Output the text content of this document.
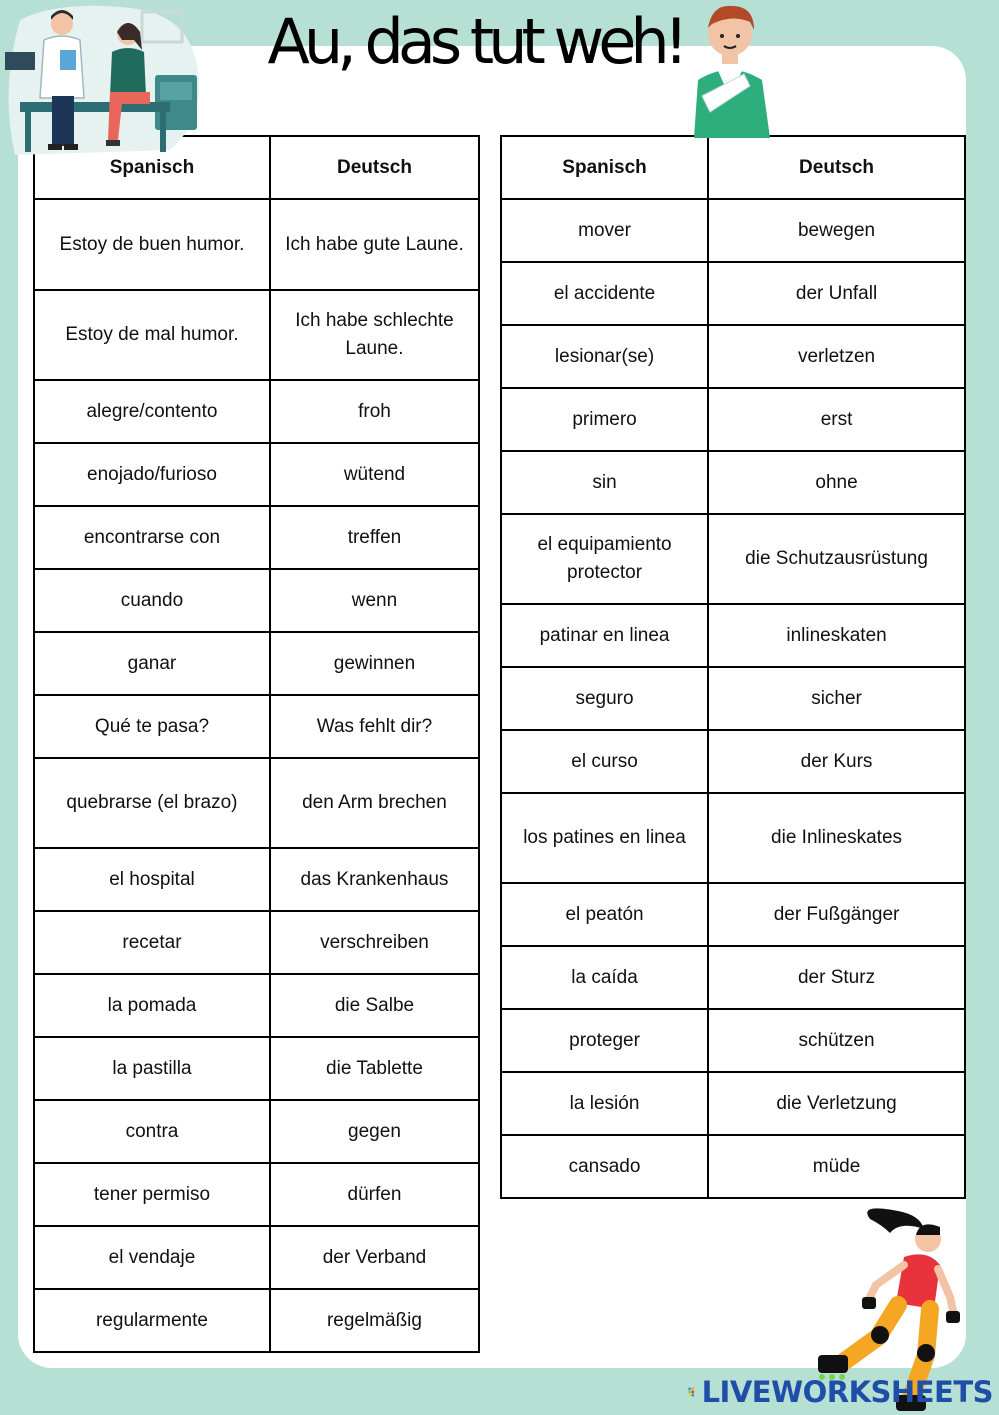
Au, das tut weh!
Spanisch	Deutsch
Estoy de buen humor.	Ich habe gute Laune.
Estoy de mal humor.	Ich habe schlechte Laune.
alegre/contento	froh
enojado/furioso	wütend
encontrarse con	treffen
cuando	wenn
ganar	gewinnen
Qué te pasa?	Was fehlt dir?
quebrarse (el brazo)	den Arm brechen
el hospital	das Krankenhaus
recetar	verschreiben
la pomada	die Salbe
la pastilla	die Tablette
contra	gegen
tener permiso	dürfen
el vendaje	der Verband
regularmente	regelmäßig
Spanisch	Deutsch
mover	bewegen
el accidente	der Unfall
lesionar(se)	verletzen
primero	erst
sin	ohne
el equipamiento protector	die Schutzausrüstung
patinar en linea	inlineskaten
seguro	sicher
el curso	der Kurs
los patines en linea	die Inlineskates
el peatón	der Fußgänger
la caída	der Sturz
proteger	schützen
la lesión	die Verletzung
cansado	müde
LIVEWORKSHEETS
